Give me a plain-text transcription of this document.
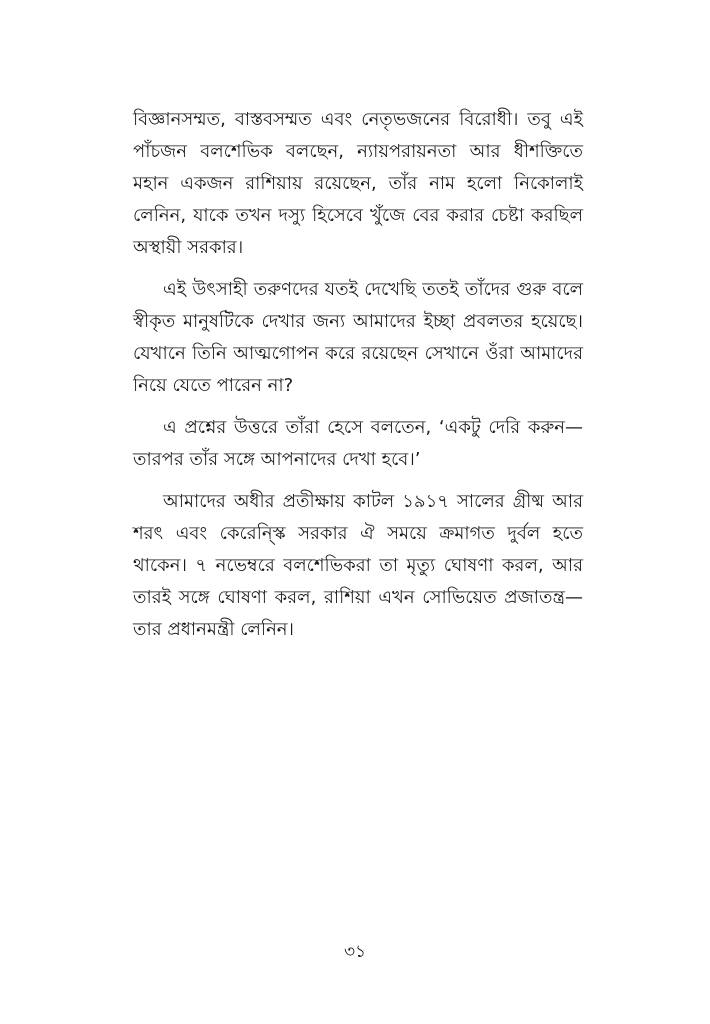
বিজ্ঞানসম্মত, বাস্তবসম্মত এবং নেতৃভজনের বিরোধী। তবু এই পাঁচজন বলশেভিক বলছেন, ন্যায়পরায়নতা আর ধীশক্তিতে মহান একজন রাশিয়ায় রয়েছেন, তাঁর নাম হলো নিকোলাই লেনিন, যাকে তখন দস্যু হিসেবে খুঁজে বের করার চেষ্টা করছিল অস্থায়ী সরকার।

এই উৎসাহী তরুণদের যতই দেখেছি ততই তাঁদের গুরু বলে স্বীকৃত মানুষটিকে দেখার জন্য আমাদের ইচ্ছা প্রবলতর হয়েছে। যেখানে তিনি আত্মগোপন করে রয়েছেন সেখানে ওঁরা আমাদের নিয়ে যেতে পারেন না?

এ প্রশ্নের উত্তরে তাঁরা হেসে বলতেন, ‘একটু দেরি করুন— তারপর তাঁর সঙ্গে আপনাদের দেখা হবে।’

আমাদের অধীর প্রতীক্ষায় কাটল ১৯১৭ সালের গ্রীষ্ম আর শরৎ এবং কেরেন্স্কি সরকার ঐ সময়ে ক্রমাগত দুর্বল হতে থাকেন। ৭ নভেম্বরে বলশেভিকরা তা মৃত্যু ঘোষণা করল, আর তারই সঙ্গে ঘোষণা করল, রাশিয়া এখন সোভিয়েত প্রজাতন্ত্র—তার প্রধানমন্ত্রী লেনিন।

৩১
